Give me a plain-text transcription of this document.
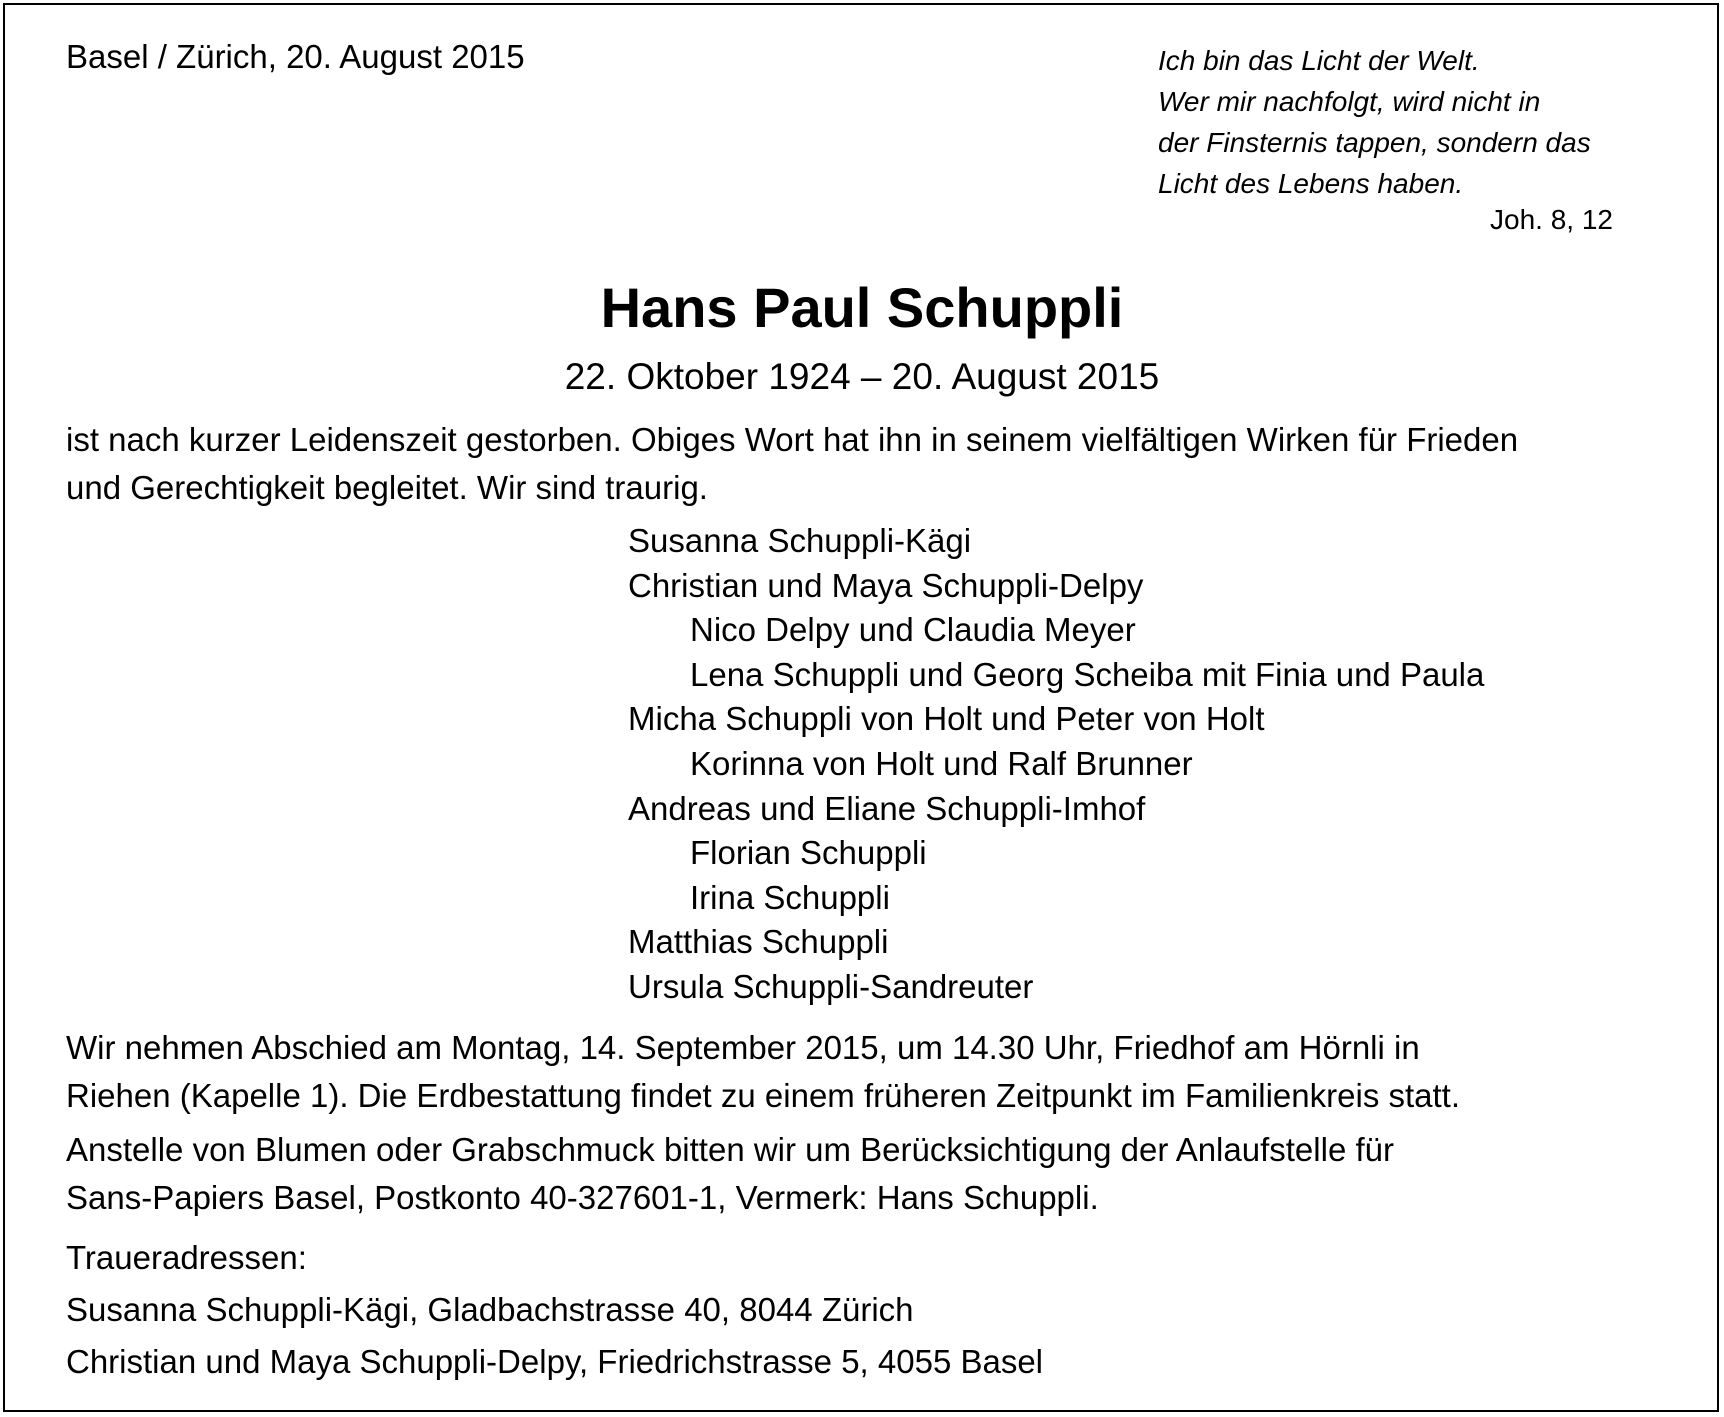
Basel / Zürich, 20. August 2015	Ich bin das Licht der Welt.
Wer mir nachfolgt, wird nicht in
der Finsternis tappen, sondern das
Licht des Lebens haben.
Joh. 8, 12
Hans Paul Schuppli
22. Oktober 1924 – 20. August 2015
ist nach kurzer Leidenszeit gestorben. Obiges Wort hat ihn in seinem vielfältigen Wirken für Frieden
und Gerechtigkeit begleitet. Wir sind traurig.
Susanna Schuppli-Kägi
Christian und Maya Schuppli-Delpy
Nico Delpy und Claudia Meyer
Lena Schuppli und Georg Scheiba mit Finia und Paula
Micha Schuppli von Holt und Peter von Holt
Korinna von Holt und Ralf Brunner
Andreas und Eliane Schuppli-Imhof
Florian Schuppli
Irina Schuppli
Matthias Schuppli
Ursula Schuppli-Sandreuter
Wir nehmen Abschied am Montag, 14. September 2015, um 14.30 Uhr, Friedhof am Hörnli in
Riehen (Kapelle 1). Die Erdbestattung findet zu einem früheren Zeitpunkt im Familienkreis statt.
Anstelle von Blumen oder Grabschmuck bitten wir um Berücksichtigung der Anlaufstelle für
Sans-Papiers Basel, Postkonto 40-327601-1, Vermerk: Hans Schuppli.
Traueradressen:
Susanna Schuppli-Kägi, Gladbachstrasse 40, 8044 Zürich
Christian und Maya Schuppli-Delpy, Friedrichstrasse 5, 4055 Basel
